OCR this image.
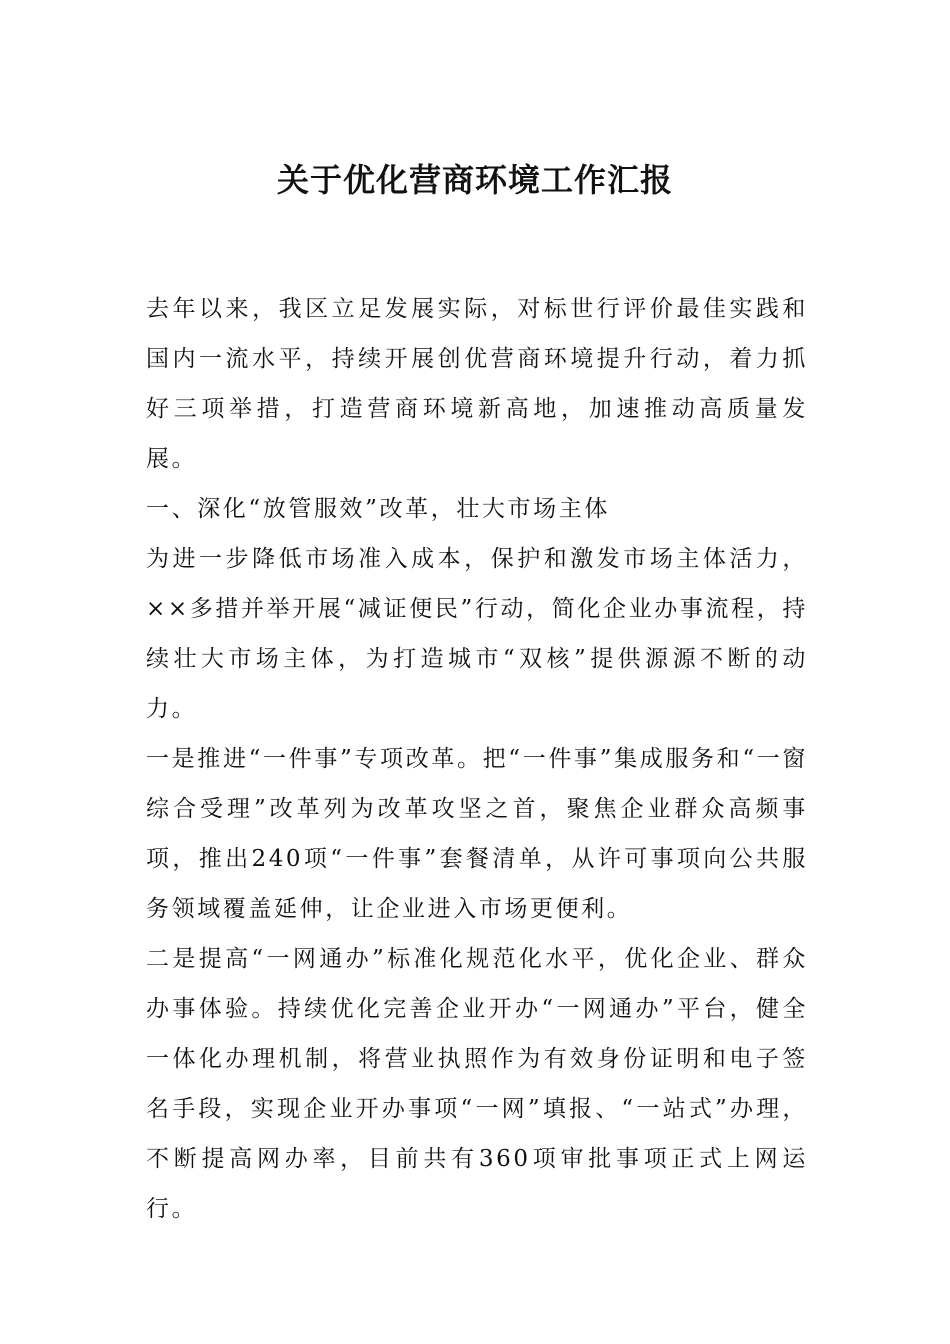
关于优化营商环境工作汇报

去年以来，我区立足发展实际，对标世行评价最佳实践和国内一流水平，持续开展创优营商环境提升行动，着力抓好三项举措，打造营商环境新高地，加速推动高质量发展。

一、深化“放管服效”改革，壮大市场主体

为进一步降低市场准入成本，保护和激发市场主体活力，××多措并举开展“减证便民”行动，简化企业办事流程，持续壮大市场主体，为打造城市“双核”提供源源不断的动力。

一是推进“一件事”专项改革。把“一件事”集成服务和“一窗综合受理”改革列为改革攻坚之首，聚焦企业群众高频事项，推出240项“一件事”套餐清单，从许可事项向公共服务领域覆盖延伸，让企业进入市场更便利。

二是提高“一网通办”标准化规范化水平，优化企业、群众办事体验。持续优化完善企业开办“一网通办”平台，健全一体化办理机制，将营业执照作为有效身份证明和电子签名手段，实现企业开办事项“一网”填报、“一站式”办理，不断提高网办率，目前共有360项审批事项正式上网运行。
